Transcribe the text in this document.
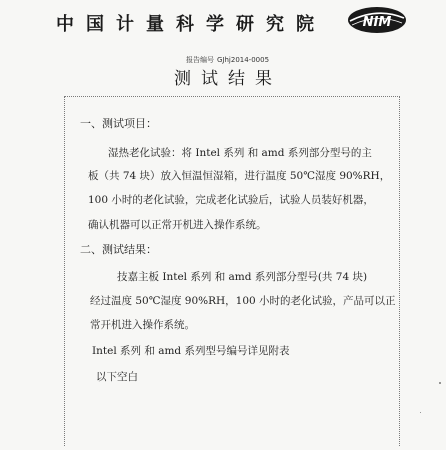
中国计量科学研究院	NIM
报告编号 GJhj2014-0005
测试结果
一、测试项目：
湿热老化试验：将 Intel 系列 和 amd 系列部分型号的主
板（共 74 块）放入恒温恒湿箱，进行温度 50℃湿度 90%RH，
100 小时的老化试验，完成老化试验后，试验人员装好机器，
确认机器可以正常开机进入操作系统。
二、测试结果：
技嘉主板 Intel 系列 和 amd 系列部分型号(共 74 块)
经过温度 50℃湿度 90%RH，100 小时的老化试验，产品可以正
常开机进入操作系统。
Intel 系列 和 amd 系列型号编号详见附表
以下空白
